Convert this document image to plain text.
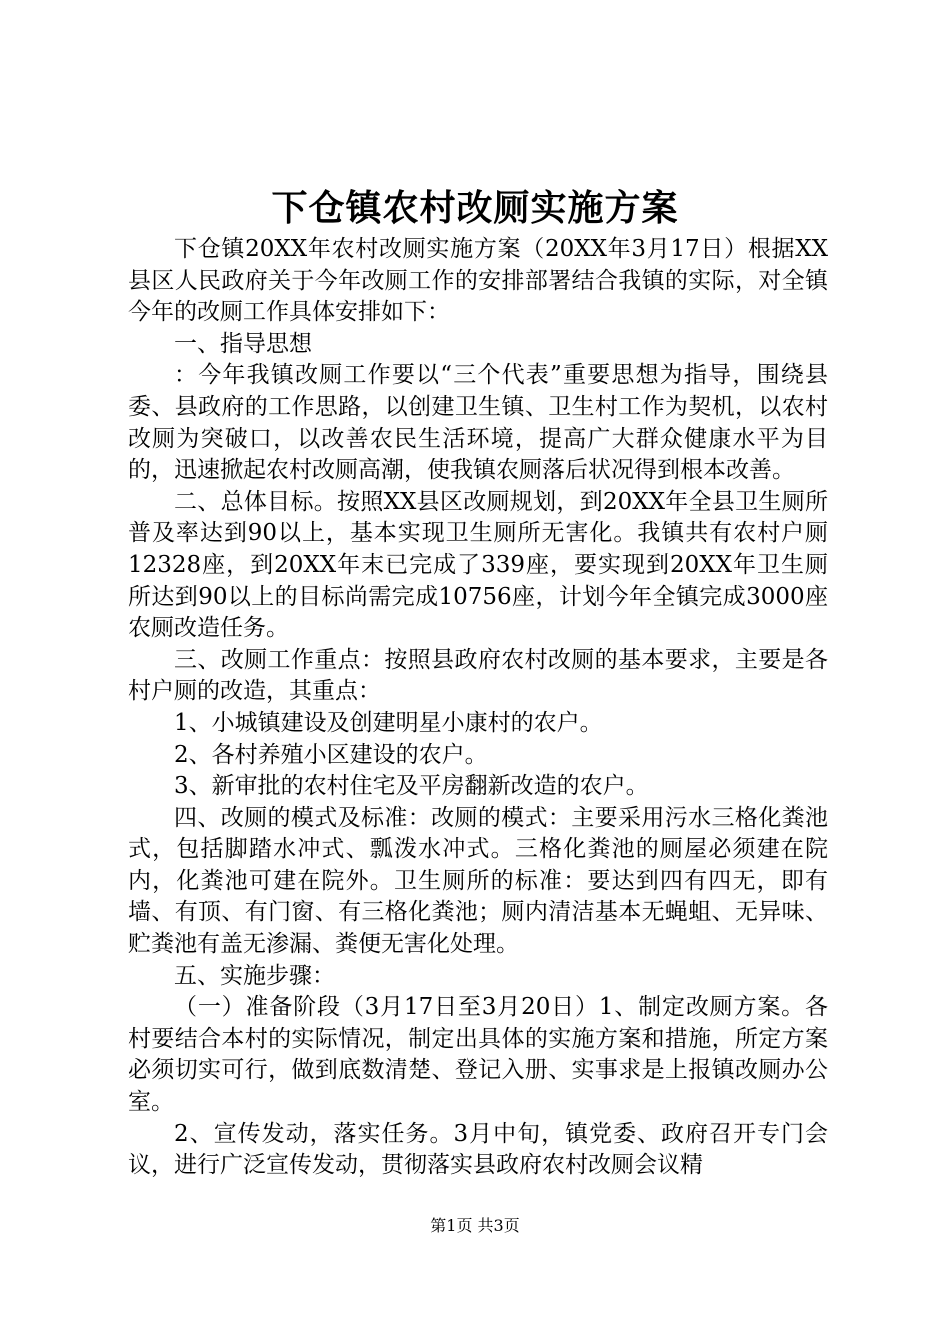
下仓镇农村改厕实施方案

下仓镇20XX年农村改厕实施方案（20XX年3月17日）根据XX县区人民政府关于今年改厕工作的安排部署结合我镇的实际，对全镇今年的改厕工作具体安排如下：

一、指导思想

：今年我镇改厕工作要以“三个代表”重要思想为指导，围绕县委、县政府的工作思路，以创建卫生镇、卫生村工作为契机，以农村改厕为突破口，以改善农民生活环境，提高广大群众健康水平为目的，迅速掀起农村改厕高潮，使我镇农厕落后状况得到根本改善。

二、总体目标。按照XX县区改厕规划，到20XX年全县卫生厕所普及率达到90以上，基本实现卫生厕所无害化。我镇共有农村户厕12328座，到20XX年末已完成了339座，要实现到20XX年卫生厕所达到90以上的目标尚需完成10756座，计划今年全镇完成3000座农厕改造任务。

三、改厕工作重点：按照县政府农村改厕的基本要求，主要是各村户厕的改造，其重点：

1、小城镇建设及创建明星小康村的农户。

2、各村养殖小区建设的农户。

3、新审批的农村住宅及平房翻新改造的农户。

四、改厕的模式及标准：改厕的模式：主要采用污水三格化粪池式，包括脚踏水冲式、瓢泼水冲式。三格化粪池的厕屋必须建在院内，化粪池可建在院外。卫生厕所的标准：要达到四有四无，即有墙、有顶、有门窗、有三格化粪池；厕内清洁基本无蝇蛆、无异味、贮粪池有盖无渗漏、粪便无害化处理。

五、实施步骤：

（一）准备阶段（3月17日至3月20日）1、制定改厕方案。各村要结合本村的实际情况，制定出具体的实施方案和措施，所定方案必须切实可行，做到底数清楚、登记入册、实事求是上报镇改厕办公室。

2、宣传发动，落实任务。3月中旬，镇党委、政府召开专门会议，进行广泛宣传发动，贯彻落实县政府农村改厕会议精

第1页 共3页
